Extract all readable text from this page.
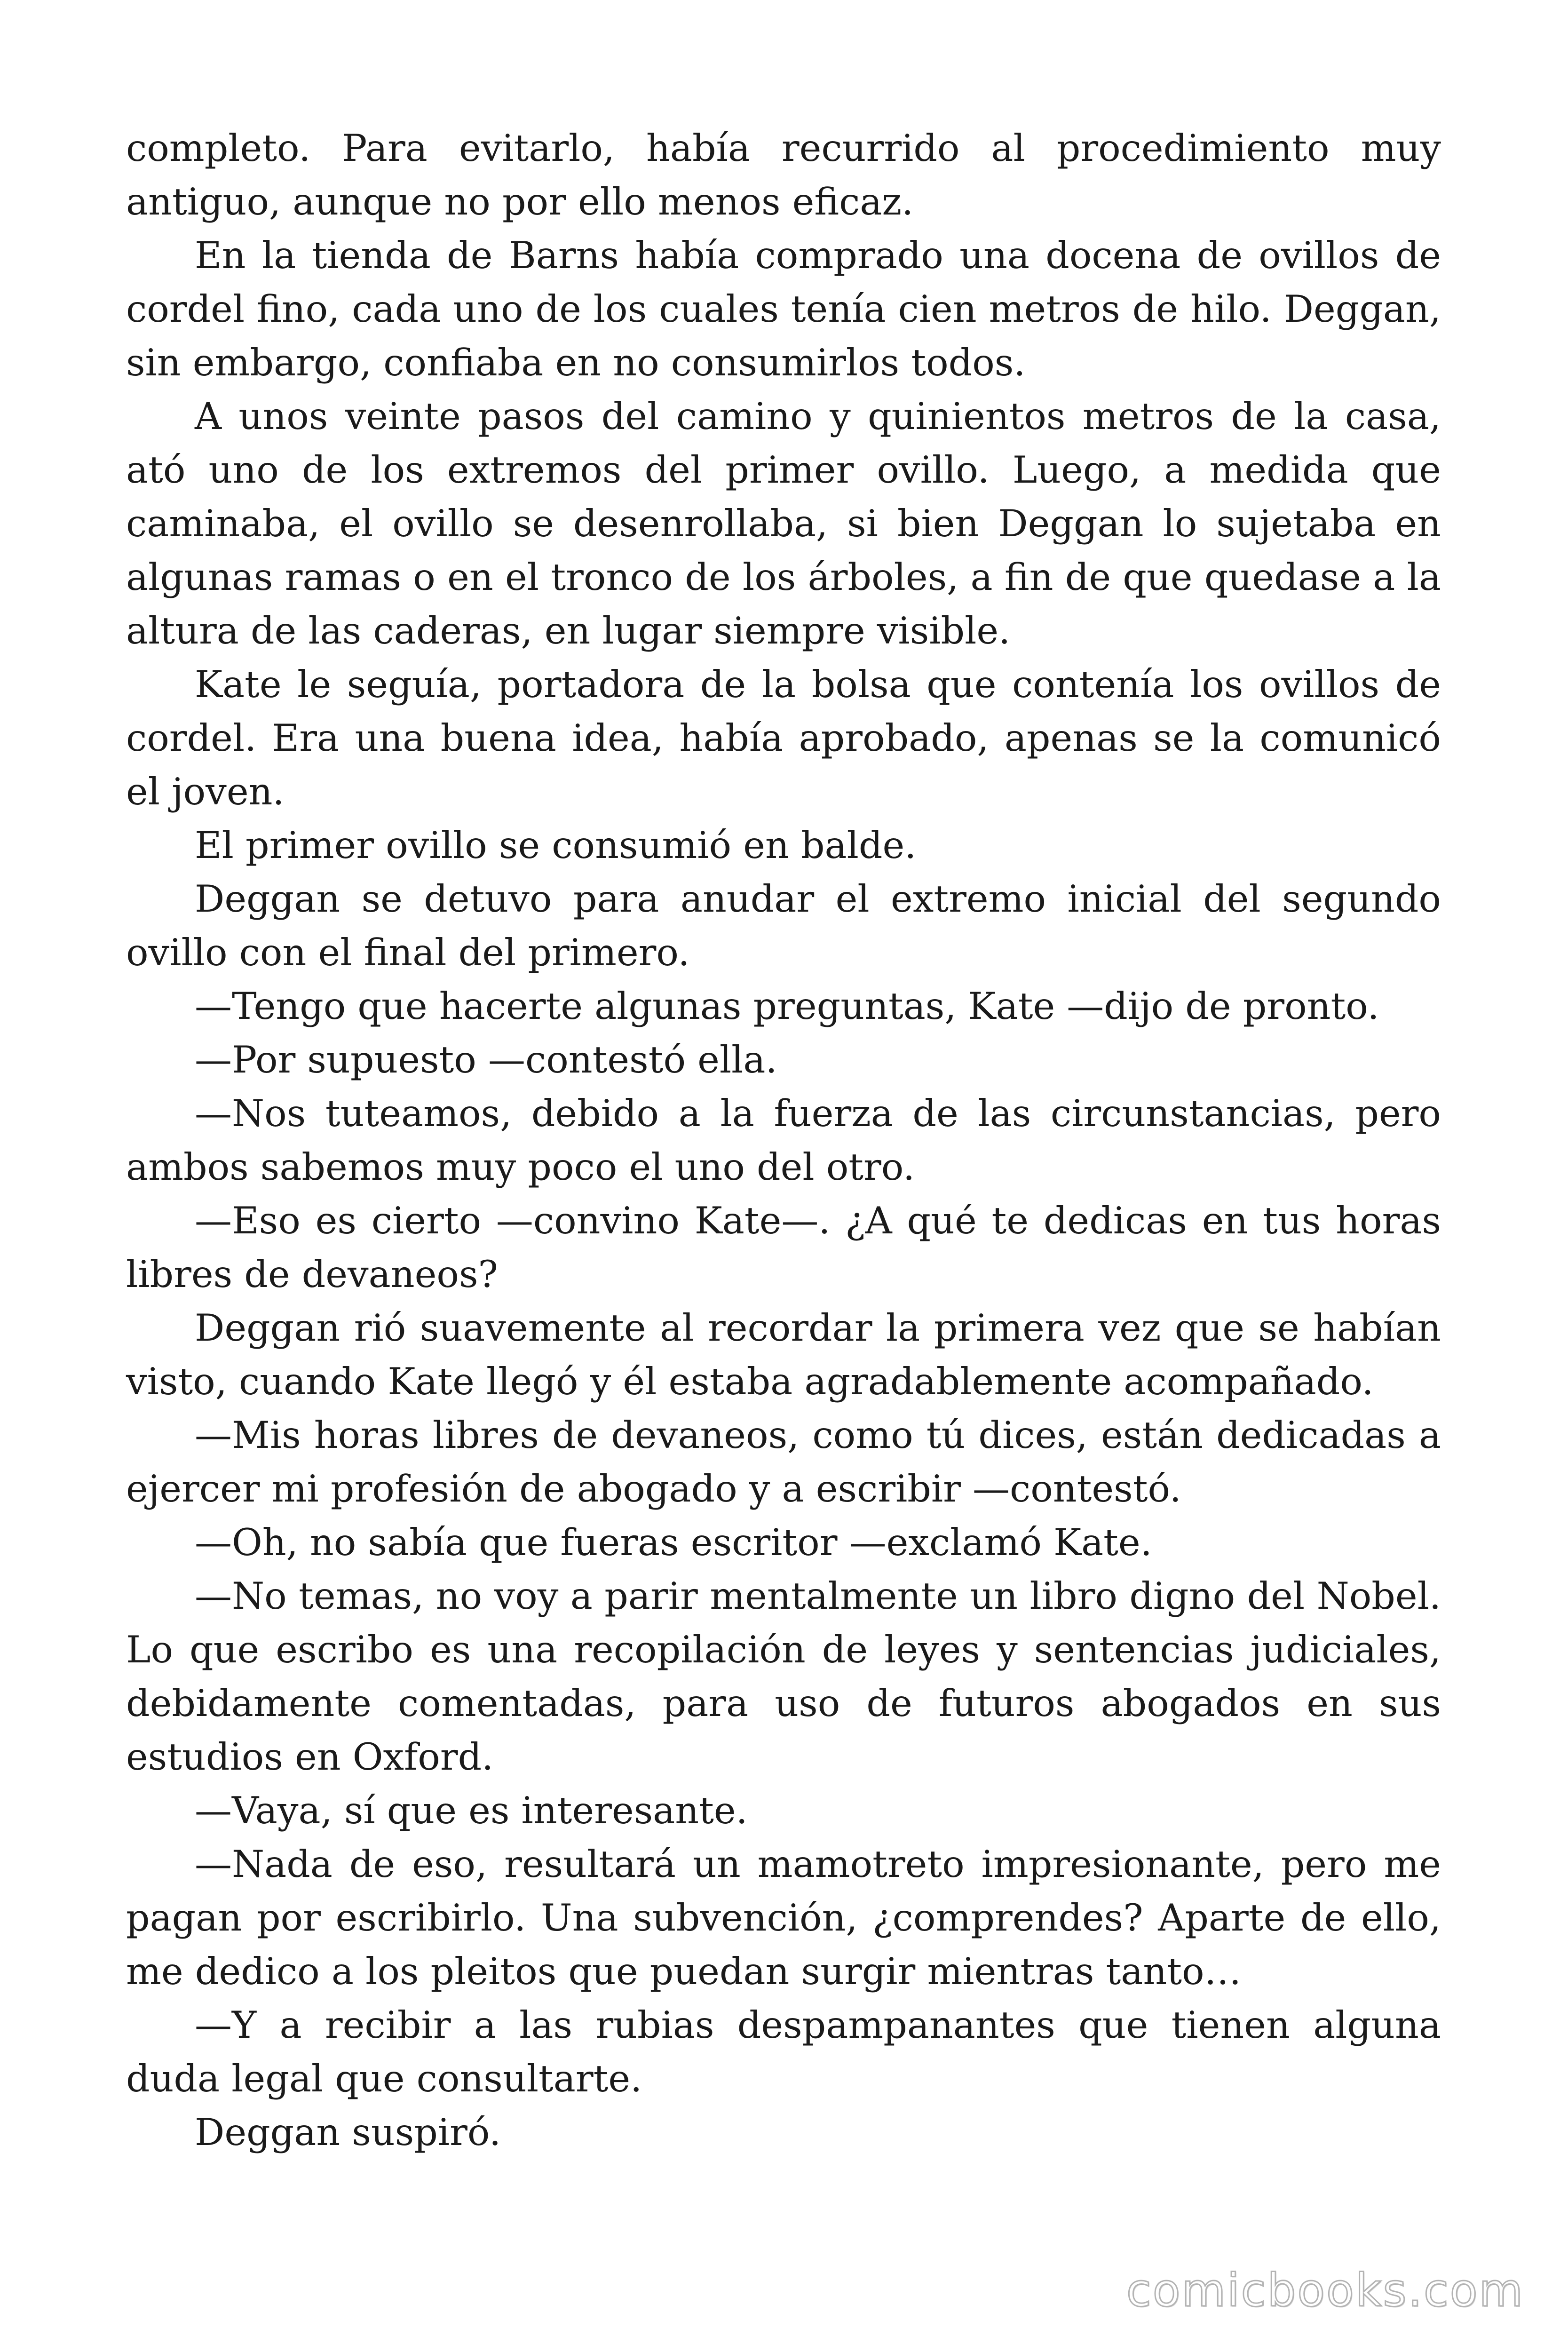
completo. Para evitarlo, había recurrido al procedimiento muy antiguo, aunque no por ello menos eficaz.

En la tienda de Barns había comprado una docena de ovillos de cordel fino, cada uno de los cuales tenía cien metros de hilo. Deggan, sin embargo, confiaba en no consumirlos todos.

A unos veinte pasos del camino y quinientos metros de la casa, ató uno de los extremos del primer ovillo. Luego, a medida que caminaba, el ovillo se desenrollaba, si bien Deggan lo sujetaba en algunas ramas o en el tronco de los árboles, a fin de que quedase a la altura de las caderas, en lugar siempre visible.

Kate le seguía, portadora de la bolsa que contenía los ovillos de cordel. Era una buena idea, había aprobado, apenas se la comunicó el joven.

El primer ovillo se consumió en balde.

Deggan se detuvo para anudar el extremo inicial del segundo ovillo con el final del primero.

—Tengo que hacerte algunas preguntas, Kate —dijo de pronto.

—Por supuesto —contestó ella.

—Nos tuteamos, debido a la fuerza de las circunstancias, pero ambos sabemos muy poco el uno del otro.

—Eso es cierto —convino Kate—. ¿A qué te dedicas en tus horas libres de devaneos?

Deggan rió suavemente al recordar la primera vez que se habían visto, cuando Kate llegó y él estaba agradablemente acompañado.

—Mis horas libres de devaneos, como tú dices, están dedicadas a ejercer mi profesión de abogado y a escribir —contestó.

—Oh, no sabía que fueras escritor —exclamó Kate.

—No temas, no voy a parir mentalmente un libro digno del Nobel. Lo que escribo es una recopilación de leyes y sentencias judiciales, debidamente comentadas, para uso de futuros abogados en sus estudios en Oxford.

—Vaya, sí que es interesante.

—Nada de eso, resultará un mamotreto impresionante, pero me pagan por escribirlo. Una subvención, ¿comprendes? Aparte de ello, me dedico a los pleitos que puedan surgir mientras tanto…

—Y a recibir a las rubias despampanantes que tienen alguna duda legal que consultarte.

Deggan suspiró.

comicbooks.com
